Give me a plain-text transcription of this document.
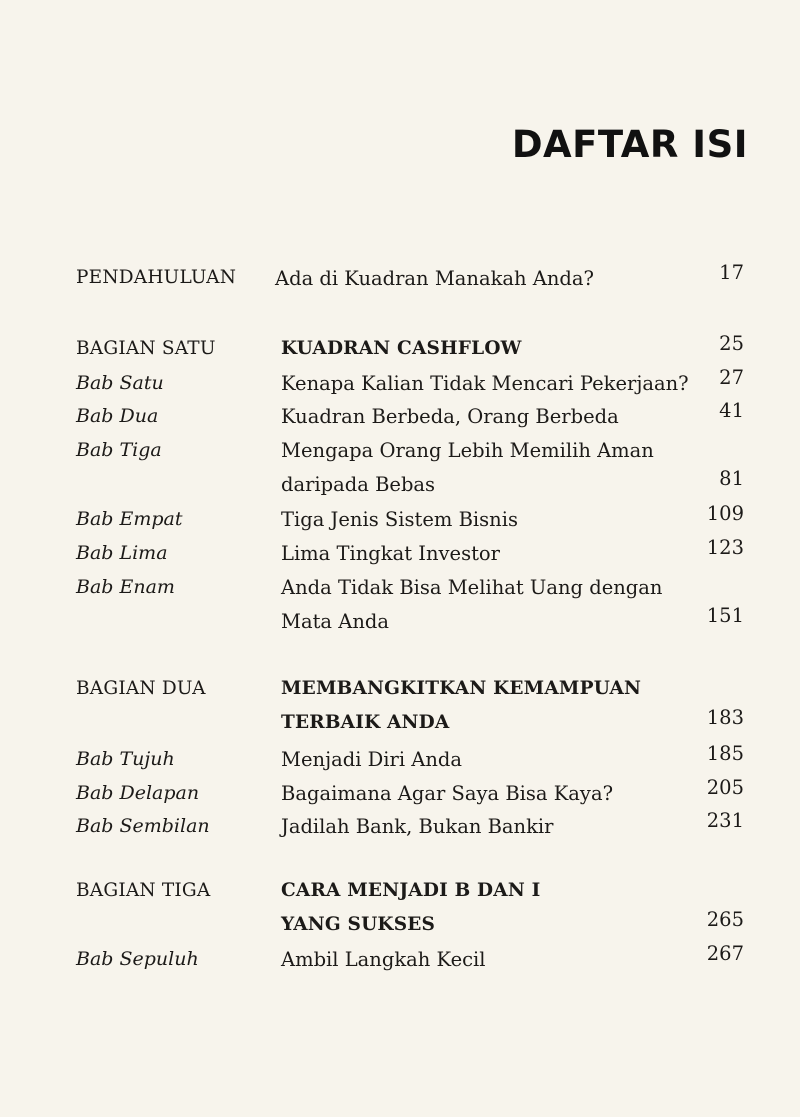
DAFTAR ISI
PENDAHULUAN Ada di Kuadran Manakah Anda?	17
BAGIAN SATU	KUADRAN CASHFLOW	25
Bab Satu	Kenapa Kalian Tidak Mencari Pekerjaan? 27
Bab Dua	Kuadran Berbeda, Orang Berbeda	41
Bab Tiga	Mengapa Orang Lebih Memilih Aman
daripada Bebas	81
Bab Empat	Tiga Jenis Sistem Bisnis	109
Bab Lima	Lima Tingkat Investor	123
Bab Enam	Anda Tidak Bisa Melihat Uang dengan
Mata Anda	151
BAGIAN DUA	MEMBANGKITKAN KEMAMPUAN
TERBAIK ANDA	183
Bab Tujuh	Menjadi Diri Anda	185
Bab Delapan	Bagaimana Agar Saya Bisa Kaya?	205
Bab Sembilan	Jadilah Bank, Bukan Bankir	231
BAGIAN TIGA	CARA MENJADI B DAN I
YANG SUKSES	265
Bab Sepuluh	Ambil Langkah Kecil	267
